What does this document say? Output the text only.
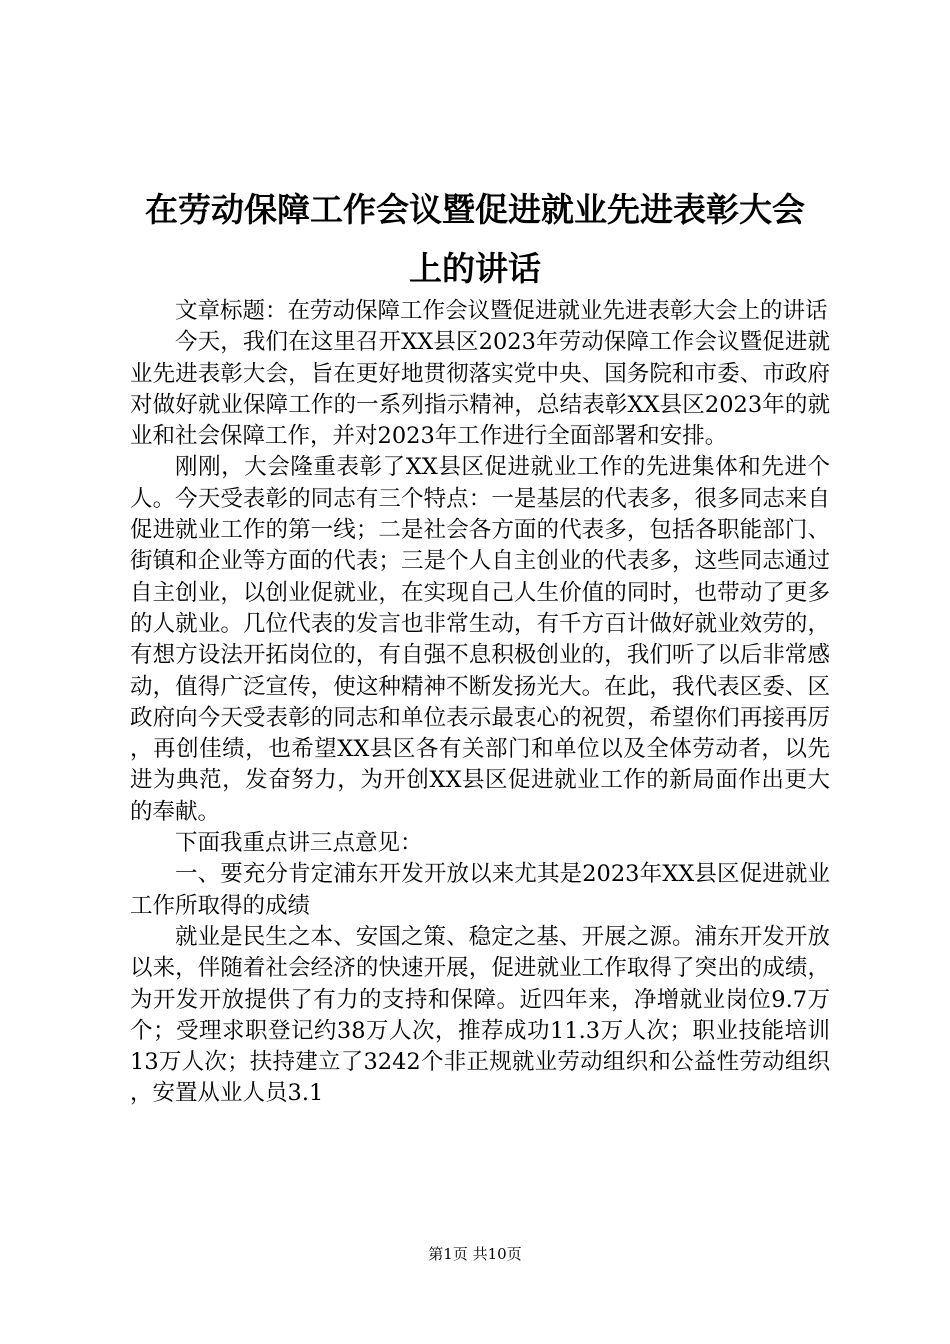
在劳动保障工作会议暨促进就业先进表彰大会
上的讲话

文章标题：在劳动保障工作会议暨促进就业先进表彰大会上的讲话

今天，我们在这里召开XX县区2023年劳动保障工作会议暨促进就业先进表彰大会，旨在更好地贯彻落实党中央、国务院和市委、市政府对做好就业保障工作的一系列指示精神，总结表彰XX县区2023年的就业和社会保障工作，并对2023年工作进行全面部署和安排。

刚刚，大会隆重表彰了XX县区促进就业工作的先进集体和先进个人。今天受表彰的同志有三个特点：一是基层的代表多，很多同志来自促进就业工作的第一线；二是社会各方面的代表多，包括各职能部门、街镇和企业等方面的代表；三是个人自主创业的代表多，这些同志通过自主创业，以创业促就业，在实现自己人生价值的同时，也带动了更多的人就业。几位代表的发言也非常生动，有千方百计做好就业效劳的，有想方设法开拓岗位的，有自强不息积极创业的，我们听了以后非常感动，值得广泛宣传，使这种精神不断发扬光大。在此，我代表区委、区政府向今天受表彰的同志和单位表示最衷心的祝贺，希望你们再接再厉，再创佳绩，也希望XX县区各有关部门和单位以及全体劳动者，以先进为典范，发奋努力，为开创XX县区促进就业工作的新局面作出更大的奉献。

下面我重点讲三点意见：

一、要充分肯定浦东开发开放以来尤其是2023年XX县区促进就业工作所取得的成绩

就业是民生之本、安国之策、稳定之基、开展之源。浦东开发开放以来，伴随着社会经济的快速开展，促进就业工作取得了突出的成绩，为开发开放提供了有力的支持和保障。近四年来，净增就业岗位9.7万个；受理求职登记约38万人次，推荐成功11.3万人次；职业技能培训13万人次；扶持建立了3242个非正规就业劳动组织和公益性劳动组织，安置从业人员3.1

第1页 共10页
